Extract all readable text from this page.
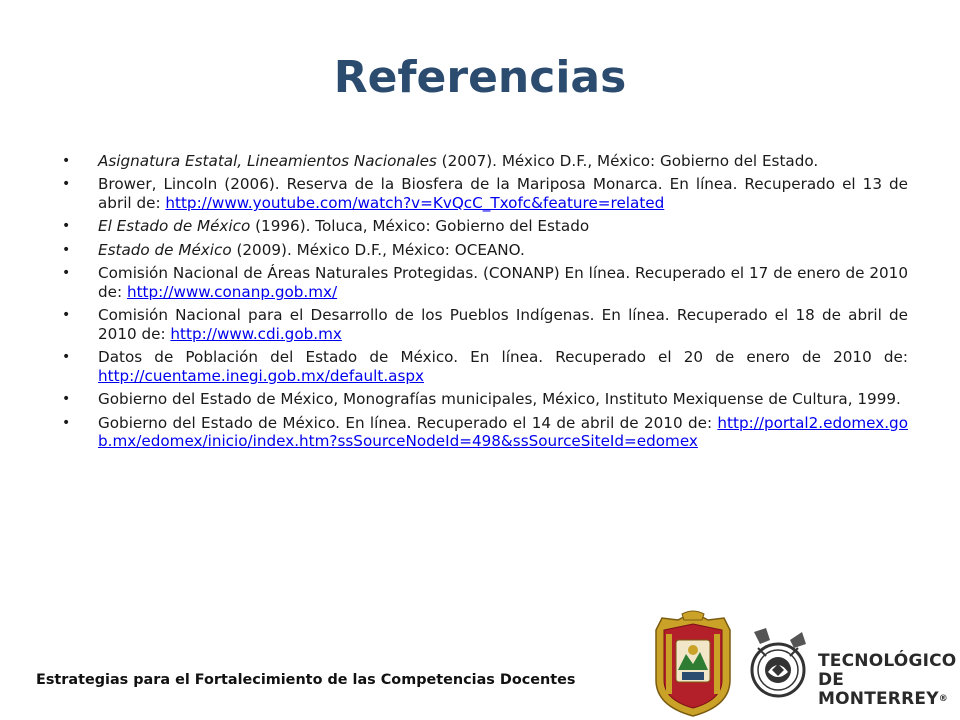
Referencias
• Asignatura Estatal, Lineamientos Nacionales (2007). México D.F., México: Gobierno del Estado.
• Brower, Lincoln (2006). Reserva de la Biosfera de la Mariposa Monarca. En línea. Recuperado el 13 de abril de: http://www.youtube.com/watch?v=KvQcC_Txofc&feature=related
• El Estado de México (1996). Toluca, México: Gobierno del Estado
• Estado de México (2009). México D.F., México: OCEANO.
• Comisión Nacional de Áreas Naturales Protegidas. (CONANP) En línea. Recuperado el 17 de enero de 2010 de: http://www.conanp.gob.mx/
• Comisión Nacional para el Desarrollo de los Pueblos Indígenas. En línea. Recuperado el 18 de abril de 2010 de: http://www.cdi.gob.mx
• Datos de Población del Estado de México. En línea. Recuperado el 20 de enero de 2010 de: http://cuentame.inegi.gob.mx/default.aspx
• Gobierno del Estado de México, Monografías municipales, México, Instituto Mexiquense de Cultura, 1999.
• Gobierno del Estado de México. En línea. Recuperado el 14 de abril de 2010 de: http://portal2.edomex.gob.mx/edomex/inicio/index.htm?ssSourceNodeId=498&ssSourceSiteId=edomex
Estrategias para el Fortalecimiento de las Competencias Docentes
TECNOLÓGICO
DE MONTERREY®
